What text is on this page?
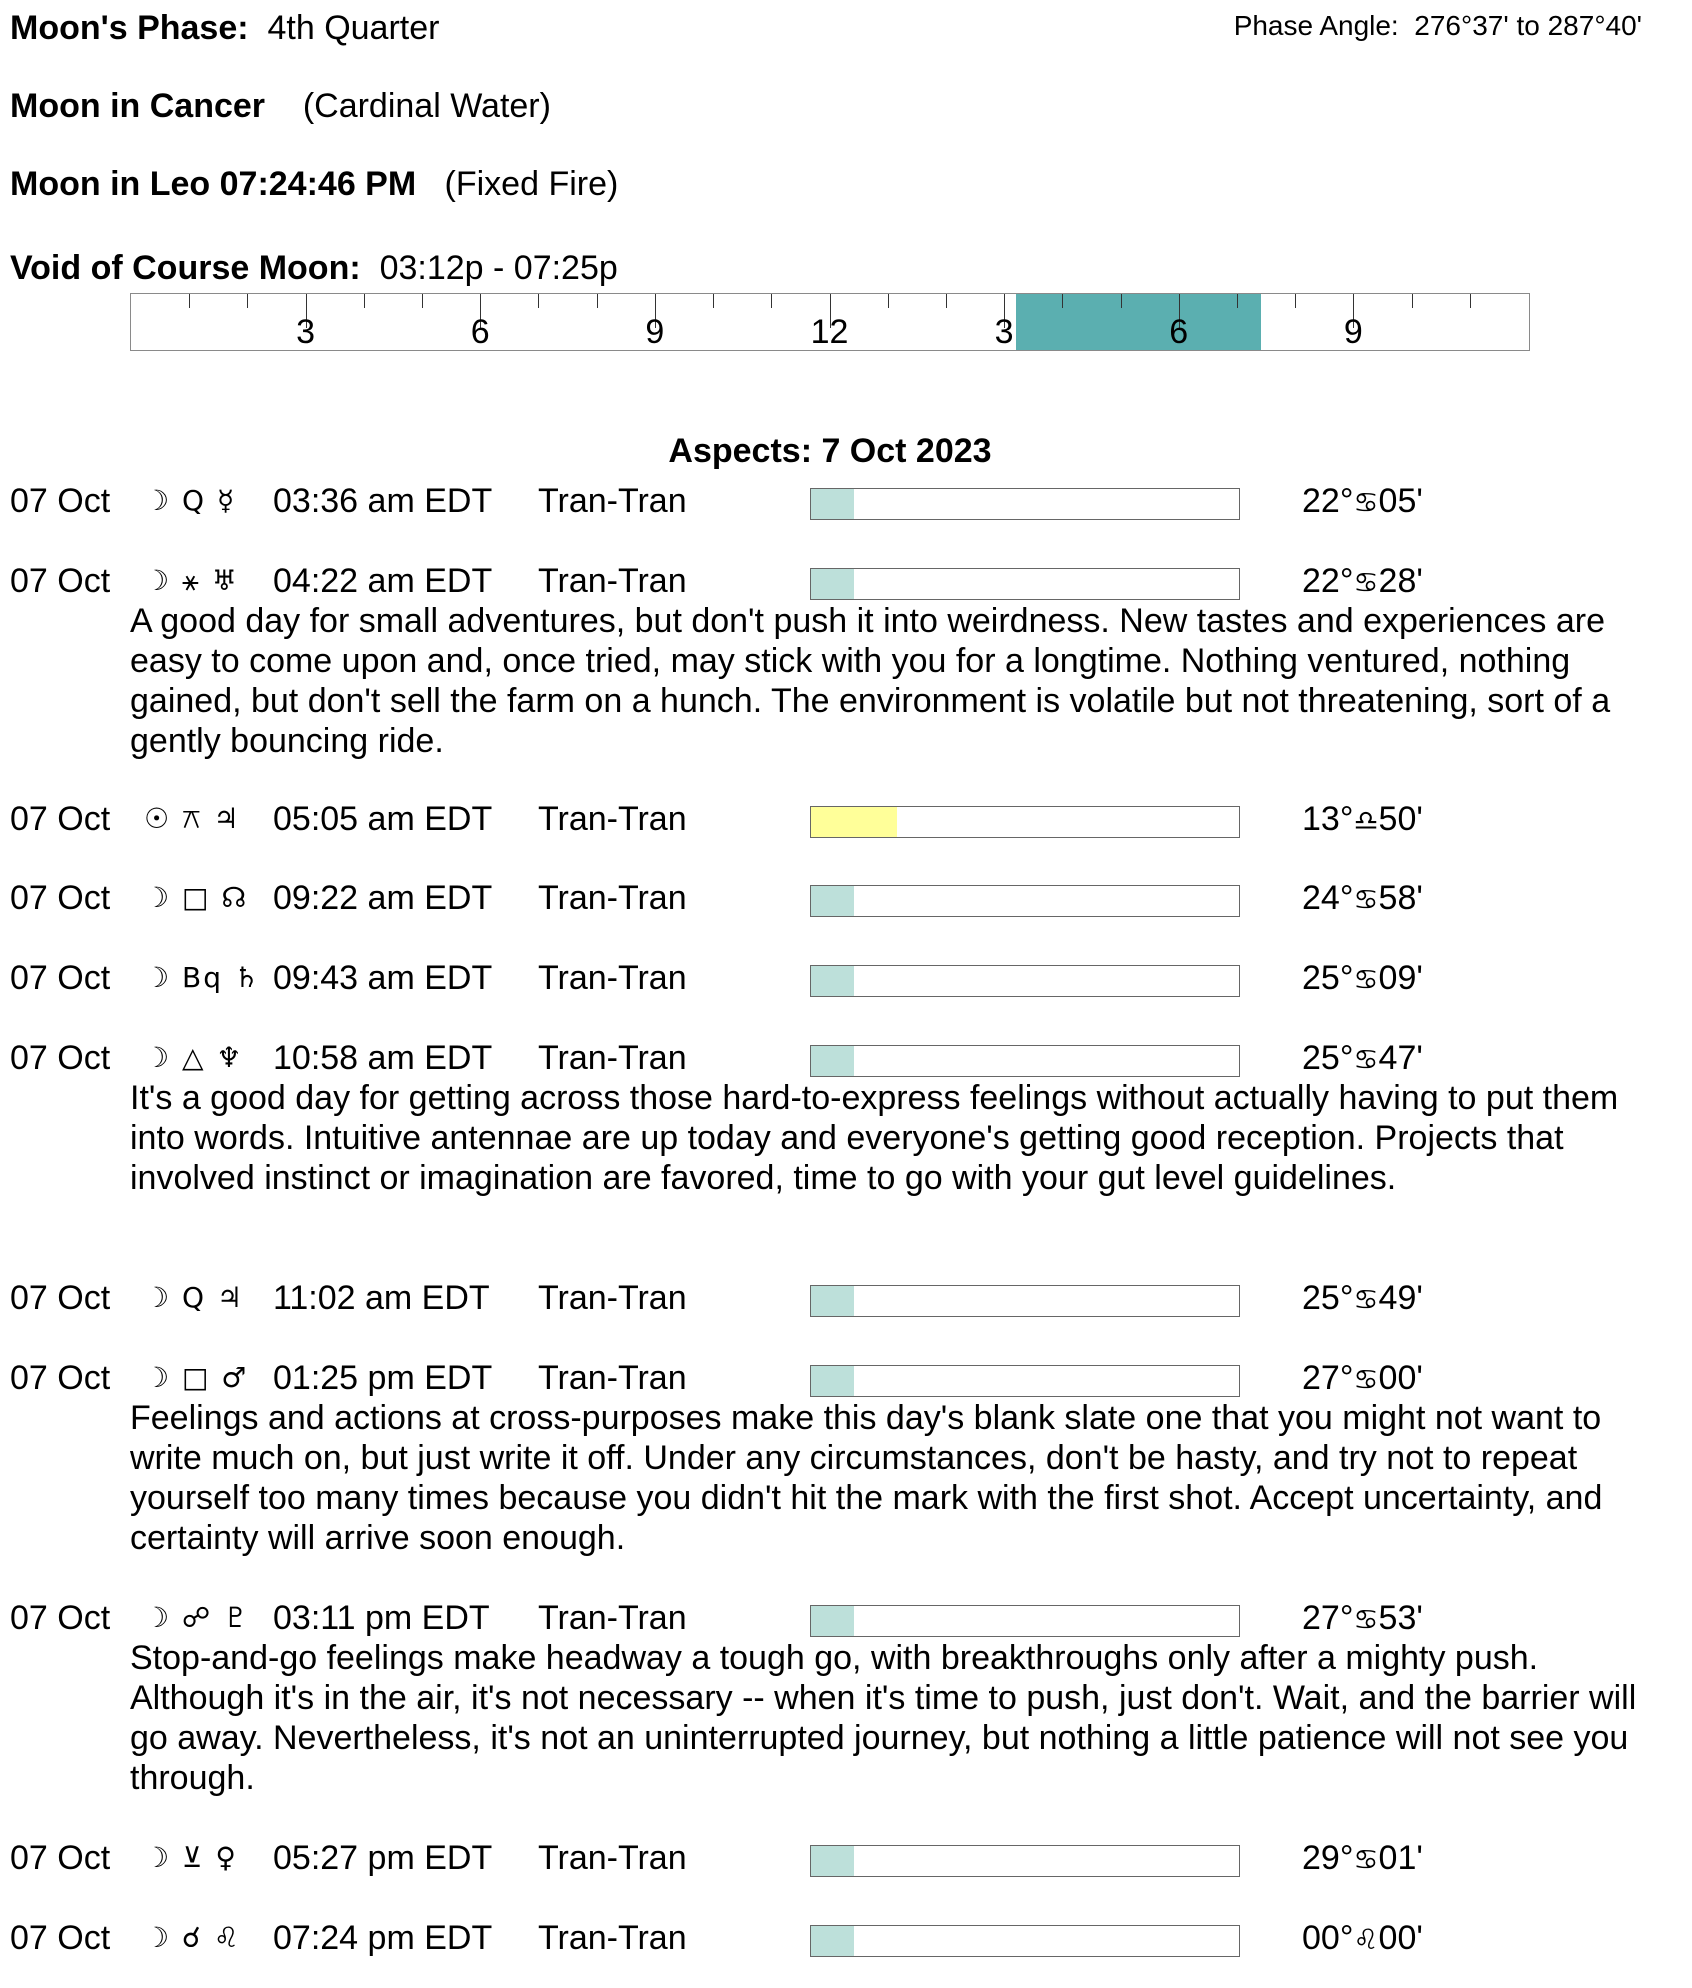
Moon's Phase: 4th Quarter	Phase Angle: 276°37' to 287°40'
Moon in Cancer (Cardinal Water)
Moon in Leo 07:24:46 PM (Fixed Fire)
Void of Course Moon: 03:12p - 07:25p
3	6	9	12	3	6	9
Aspects: 7 Oct 2023
07 Oct ☽ Q ☿ 03:36 am EDT Tran-Tran	22°♋05'
07 Oct ☽ ⚹ ♅ 04:22 am EDT Tran-Tran	22°♋28'
A good day for small adventures, but don't push it into weirdness. New tastes and experiences are easy to come upon and, once tried, may stick with you for a longtime. Nothing ventured, nothing gained, but don't sell the farm on a hunch. The environment is volatile but not threatening, sort of a gently bouncing ride.
07 Oct ☉ ⚻ ♃ 05:05 am EDT Tran-Tran	13°♎50'
07 Oct ☽ □ ☊ 09:22 am EDT Tran-Tran	24°♋58'
07 Oct ☽ Bq ♄ 09:43 am EDT Tran-Tran	25°♋09'
07 Oct ☽ △ ♆ 10:58 am EDT Tran-Tran	25°♋47'
It's a good day for getting across those hard-to-express feelings without actually having to put them into words. Intuitive antennae are up today and everyone's getting good reception. Projects that involved instinct or imagination are favored, time to go with your gut level guidelines.
07 Oct ☽ Q ♃ 11:02 am EDT Tran-Tran	25°♋49'
07 Oct ☽ □ ♂ 01:25 pm EDT Tran-Tran	27°♋00'
Feelings and actions at cross-purposes make this day's blank slate one that you might not want to write much on, but just write it off. Under any circumstances, don't be hasty, and try not to repeat yourself too many times because you didn't hit the mark with the first shot. Accept uncertainty, and certainty will arrive soon enough.
07 Oct ☽ ☍ ♇ 03:11 pm EDT Tran-Tran	27°♋53'
Stop-and-go feelings make headway a tough go, with breakthroughs only after a mighty push. Although it's in the air, it's not necessary -- when it's time to push, just don't. Wait, and the barrier will go away. Nevertheless, it's not an uninterrupted journey, but nothing a little patience will not see you through.
07 Oct ☽ ⊻ ♀ 05:27 pm EDT Tran-Tran	29°♋01'
07 Oct ☽ ☌ ♌ 07:24 pm EDT Tran-Tran	00°♌00'
